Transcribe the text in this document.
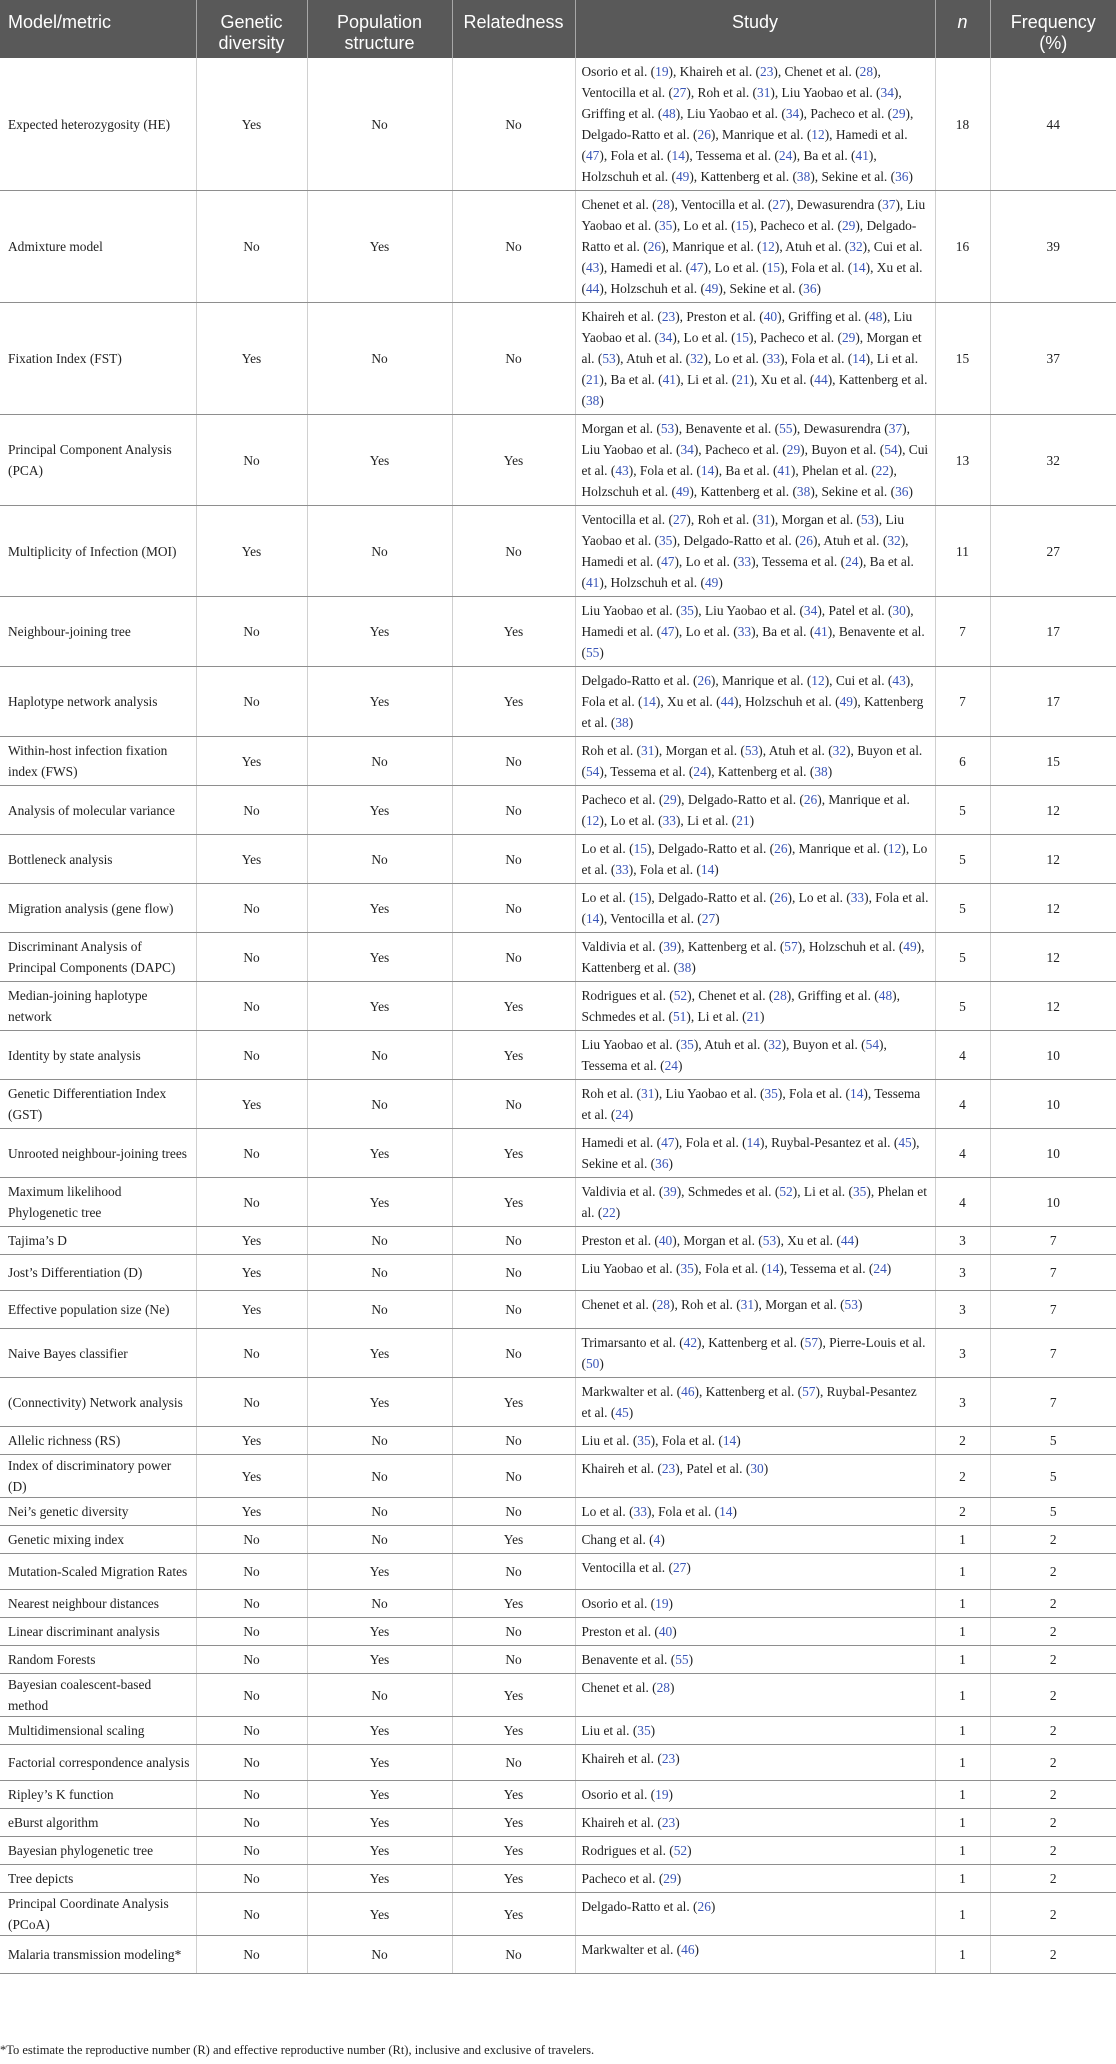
Model/metric	Genetic diversity	Population structure	Relatedness	Study	n	Frequency (%)

Expected heterozygosity (HE)	Yes	No	No	Osorio et al. (19), Khaireh et al. (23), Chenet et al. (28), Ventocilla et al. (27), Roh et al. (31), Liu Yaobao et al. (34), Griffing et al. (48), Liu Yaobao et al. (34), Pacheco et al. (29), Delgado-Ratto et al. (26), Manrique et al. (12), Hamedi et al. (47), Fola et al. (14), Tessema et al. (24), Ba et al. (41), Holzschuh et al. (49), Kattenberg et al. (38), Sekine et al. (36)	18	44
Admixture model	No	Yes	No	Chenet et al. (28), Ventocilla et al. (27), Dewasurendra (37), Liu Yaobao et al. (35), Lo et al. (15), Pacheco et al. (29), Delgado-Ratto et al. (26), Manrique et al. (12), Atuh et al. (32), Cui et al. (43), Hamedi et al. (47), Lo et al. (15), Fola et al. (14), Xu et al. (44), Holzschuh et al. (49), Sekine et al. (36)	16	39
Fixation Index (FST)	Yes	No	No	Khaireh et al. (23), Preston et al. (40), Griffing et al. (48), Liu Yaobao et al. (34), Lo et al. (15), Pacheco et al. (29), Morgan et al. (53), Atuh et al. (32), Lo et al. (33), Fola et al. (14), Li et al. (21), Ba et al. (41), Li et al. (21), Xu et al. (44), Kattenberg et al. (38)	15	37
Principal Component Analysis (PCA)	No	Yes	Yes	Morgan et al. (53), Benavente et al. (55), Dewasurendra (37), Liu Yaobao et al. (34), Pacheco et al. (29), Buyon et al. (54), Cui et al. (43), Fola et al. (14), Ba et al. (41), Phelan et al. (22), Holzschuh et al. (49), Kattenberg et al. (38), Sekine et al. (36)	13	32
Multiplicity of Infection (MOI)	Yes	No	No	Ventocilla et al. (27), Roh et al. (31), Morgan et al. (53), Liu Yaobao et al. (35), Delgado-Ratto et al. (26), Atuh et al. (32), Hamedi et al. (47), Lo et al. (33), Tessema et al. (24), Ba et al. (41), Holzschuh et al. (49)	11	27
Neighbour-joining tree	No	Yes	Yes	Liu Yaobao et al. (35), Liu Yaobao et al. (34), Patel et al. (30), Hamedi et al. (47), Lo et al. (33), Ba et al. (41), Benavente et al. (55)	7	17
Haplotype network analysis	No	Yes	Yes	Delgado-Ratto et al. (26), Manrique et al. (12), Cui et al. (43), Fola et al. (14), Xu et al. (44), Holzschuh et al. (49), Kattenberg et al. (38)	7	17
Within-host infection fixation index (FWS)	Yes	No	No	Roh et al. (31), Morgan et al. (53), Atuh et al. (32), Buyon et al. (54), Tessema et al. (24), Kattenberg et al. (38)	6	15
Analysis of molecular variance	No	Yes	No	Pacheco et al. (29), Delgado-Ratto et al. (26), Manrique et al. (12), Lo et al. (33), Li et al. (21)	5	12
Bottleneck analysis	Yes	No	No	Lo et al. (15), Delgado-Ratto et al. (26), Manrique et al. (12), Lo et al. (33), Fola et al. (14)	5	12
Migration analysis (gene flow)	No	Yes	No	Lo et al. (15), Delgado-Ratto et al. (26), Lo et al. (33), Fola et al. (14), Ventocilla et al. (27)	5	12
Discriminant Analysis of Principal Components (DAPC)	No	Yes	No	Valdivia et al. (39), Kattenberg et al. (57), Holzschuh et al. (49), Kattenberg et al. (38)	5	12
Median-joining haplotype network	No	Yes	Yes	Rodrigues et al. (52), Chenet et al. (28), Griffing et al. (48), Schmedes et al. (51), Li et al. (21)	5	12
Identity by state analysis	No	No	Yes	Liu Yaobao et al. (35), Atuh et al. (32), Buyon et al. (54), Tessema et al. (24)	4	10
Genetic Differentiation Index (GST)	Yes	No	No	Roh et al. (31), Liu Yaobao et al. (35), Fola et al. (14), Tessema et al. (24)	4	10
Unrooted neighbour-joining trees	No	Yes	Yes	Hamedi et al. (47), Fola et al. (14), Ruybal-Pesantez et al. (45), Sekine et al. (36)	4	10
Maximum likelihood Phylogenetic tree	No	Yes	Yes	Valdivia et al. (39), Schmedes et al. (52), Li et al. (35), Phelan et al. (22)	4	10
Tajima’s D	Yes	No	No	Preston et al. (40), Morgan et al. (53), Xu et al. (44)	3	7
Jost’s Differentiation (D)	Yes	No	No	Liu Yaobao et al. (35), Fola et al. (14), Tessema et al. (24)	3	7
Effective population size (Ne)	Yes	No	No	Chenet et al. (28), Roh et al. (31), Morgan et al. (53)	3	7
Naive Bayes classifier	No	Yes	No	Trimarsanto et al. (42), Kattenberg et al. (57), Pierre-Louis et al. (50)	3	7
(Connectivity) Network analysis	No	Yes	Yes	Markwalter et al. (46), Kattenberg et al. (57), Ruybal-Pesantez et al. (45)	3	7
Allelic richness (RS)	Yes	No	No	Liu et al. (35), Fola et al. (14)	2	5
Index of discriminatory power (D)	Yes	No	No	Khaireh et al. (23), Patel et al. (30)	2	5
Nei’s genetic diversity	Yes	No	No	Lo et al. (33), Fola et al. (14)	2	5
Genetic mixing index	No	No	Yes	Chang et al. (4)	1	2
Mutation-Scaled Migration Rates	No	Yes	No	Ventocilla et al. (27)	1	2
Nearest neighbour distances	No	No	Yes	Osorio et al. (19)	1	2
Linear discriminant analysis	No	Yes	No	Preston et al. (40)	1	2
Random Forests	No	Yes	No	Benavente et al. (55)	1	2
Bayesian coalescent-based method	No	No	Yes	Chenet et al. (28)	1	2
Multidimensional scaling	No	Yes	Yes	Liu et al. (35)	1	2
Factorial correspondence analysis	No	Yes	No	Khaireh et al. (23)	1	2
Ripley’s K function	No	Yes	Yes	Osorio et al. (19)	1	2
eBurst algorithm	No	Yes	Yes	Khaireh et al. (23)	1	2
Bayesian phylogenetic tree	No	Yes	Yes	Rodrigues et al. (52)	1	2
Tree depicts	No	Yes	Yes	Pacheco et al. (29)	1	2
Principal Coordinate Analysis (PCoA)	No	Yes	Yes	Delgado-Ratto et al. (26)	1	2
Malaria transmission modeling*	No	No	No	Markwalter et al. (46)	1	2
*To estimate the reproductive number (R) and effective reproductive number (Rt), inclusive and exclusive of travelers.
